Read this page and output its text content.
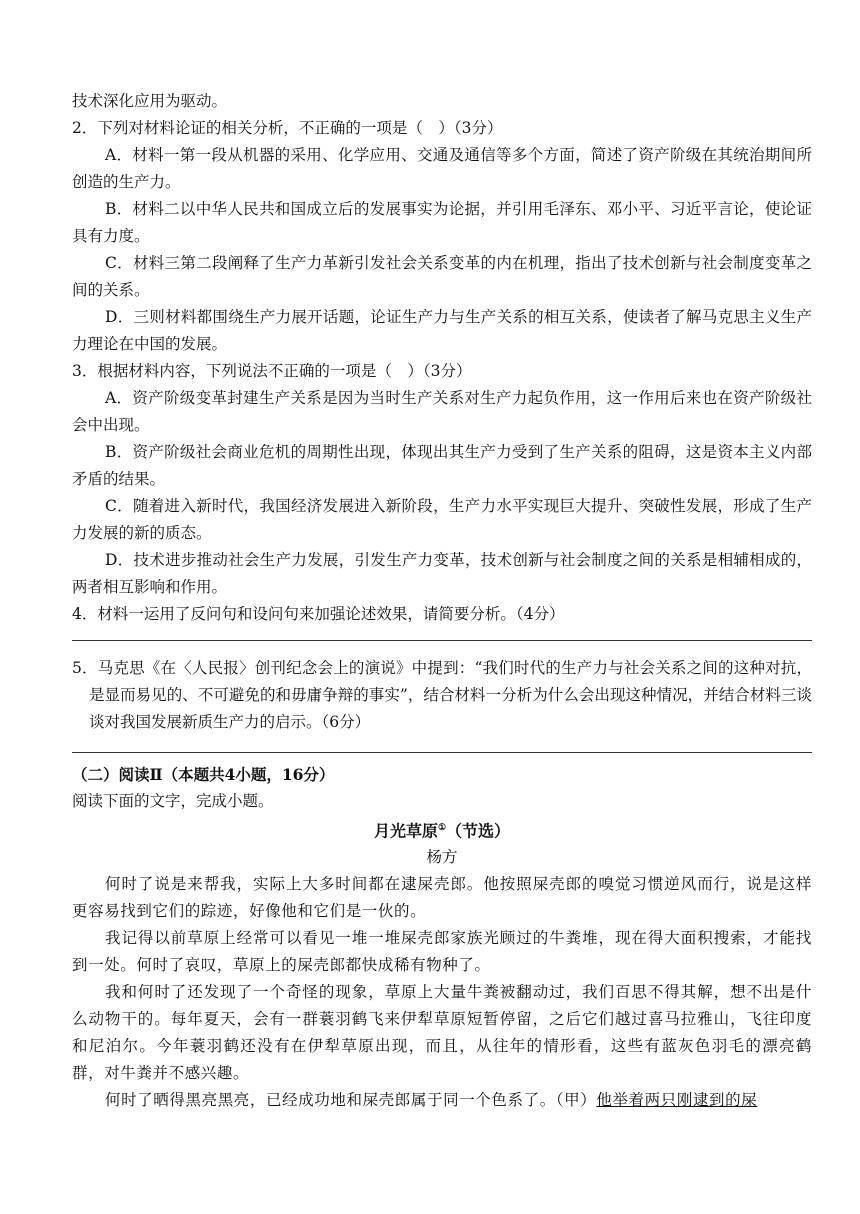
技术深化应用为驱动。

2．下列对材料论证的相关分析，不正确的一项是（　）（3分）

A．材料一第一段从机器的采用、化学应用、交通及通信等多个方面，简述了资产阶级在其统治期间所创造的生产力。

B．材料二以中华人民共和国成立后的发展事实为论据，并引用毛泽东、邓小平、习近平言论，使论证具有力度。

C．材料三第二段阐释了生产力革新引发社会关系变革的内在机理，指出了技术创新与社会制度变革之间的关系。

D．三则材料都围绕生产力展开话题，论证生产力与生产关系的相互关系，使读者了解马克思主义生产力理论在中国的发展。

3．根据材料内容，下列说法不正确的一项是（　）（3分）

A．资产阶级变革封建生产关系是因为当时生产关系对生产力起负作用，这一作用后来也在资产阶级社会中出现。

B．资产阶级社会商业危机的周期性出现，体现出其生产力受到了生产关系的阻碍，这是资本主义内部矛盾的结果。

C．随着进入新时代，我国经济发展进入新阶段，生产力水平实现巨大提升、突破性发展，形成了生产力发展的新的质态。

D．技术进步推动社会生产力发展，引发生产力变革，技术创新与社会制度之间的关系是相辅相成的，两者相互影响和作用。

4．材料一运用了反问句和设问句来加强论述效果，请简要分析。（4分）

5．马克思《在〈人民报〉创刊纪念会上的演说》中提到：“我们时代的生产力与社会关系之间的这种对抗，是显而易见的、不可避免的和毋庸争辩的事实”，结合材料一分析为什么会出现这种情况，并结合材料三谈谈对我国发展新质生产力的启示。（6分）

（二）阅读Ⅱ（本题共4小题，16分）

阅读下面的文字，完成小题。

月光草原①（节选）

杨方

何时了说是来帮我，实际上大多时间都在逮屎壳郎。他按照屎壳郎的嗅觉习惯逆风而行，说是这样更容易找到它们的踪迹，好像他和它们是一伙的。

我记得以前草原上经常可以看见一堆一堆屎壳郎家族光顾过的牛粪堆，现在得大面积搜索，才能找到一处。何时了哀叹，草原上的屎壳郎都快成稀有物种了。

我和何时了还发现了一个奇怪的现象，草原上大量牛粪被翻动过，我们百思不得其解，想不出是什么动物干的。每年夏天，会有一群蓑羽鹤飞来伊犁草原短暂停留，之后它们越过喜马拉雅山，飞往印度和尼泊尔。今年蓑羽鹤还没有在伊犁草原出现，而且，从往年的情形看，这些有蓝灰色羽毛的漂亮鹤群，对牛粪并不感兴趣。

何时了晒得黑亮黑亮，已经成功地和屎壳郎属于同一个色系了。（甲）他举着两只刚逮到的屎
